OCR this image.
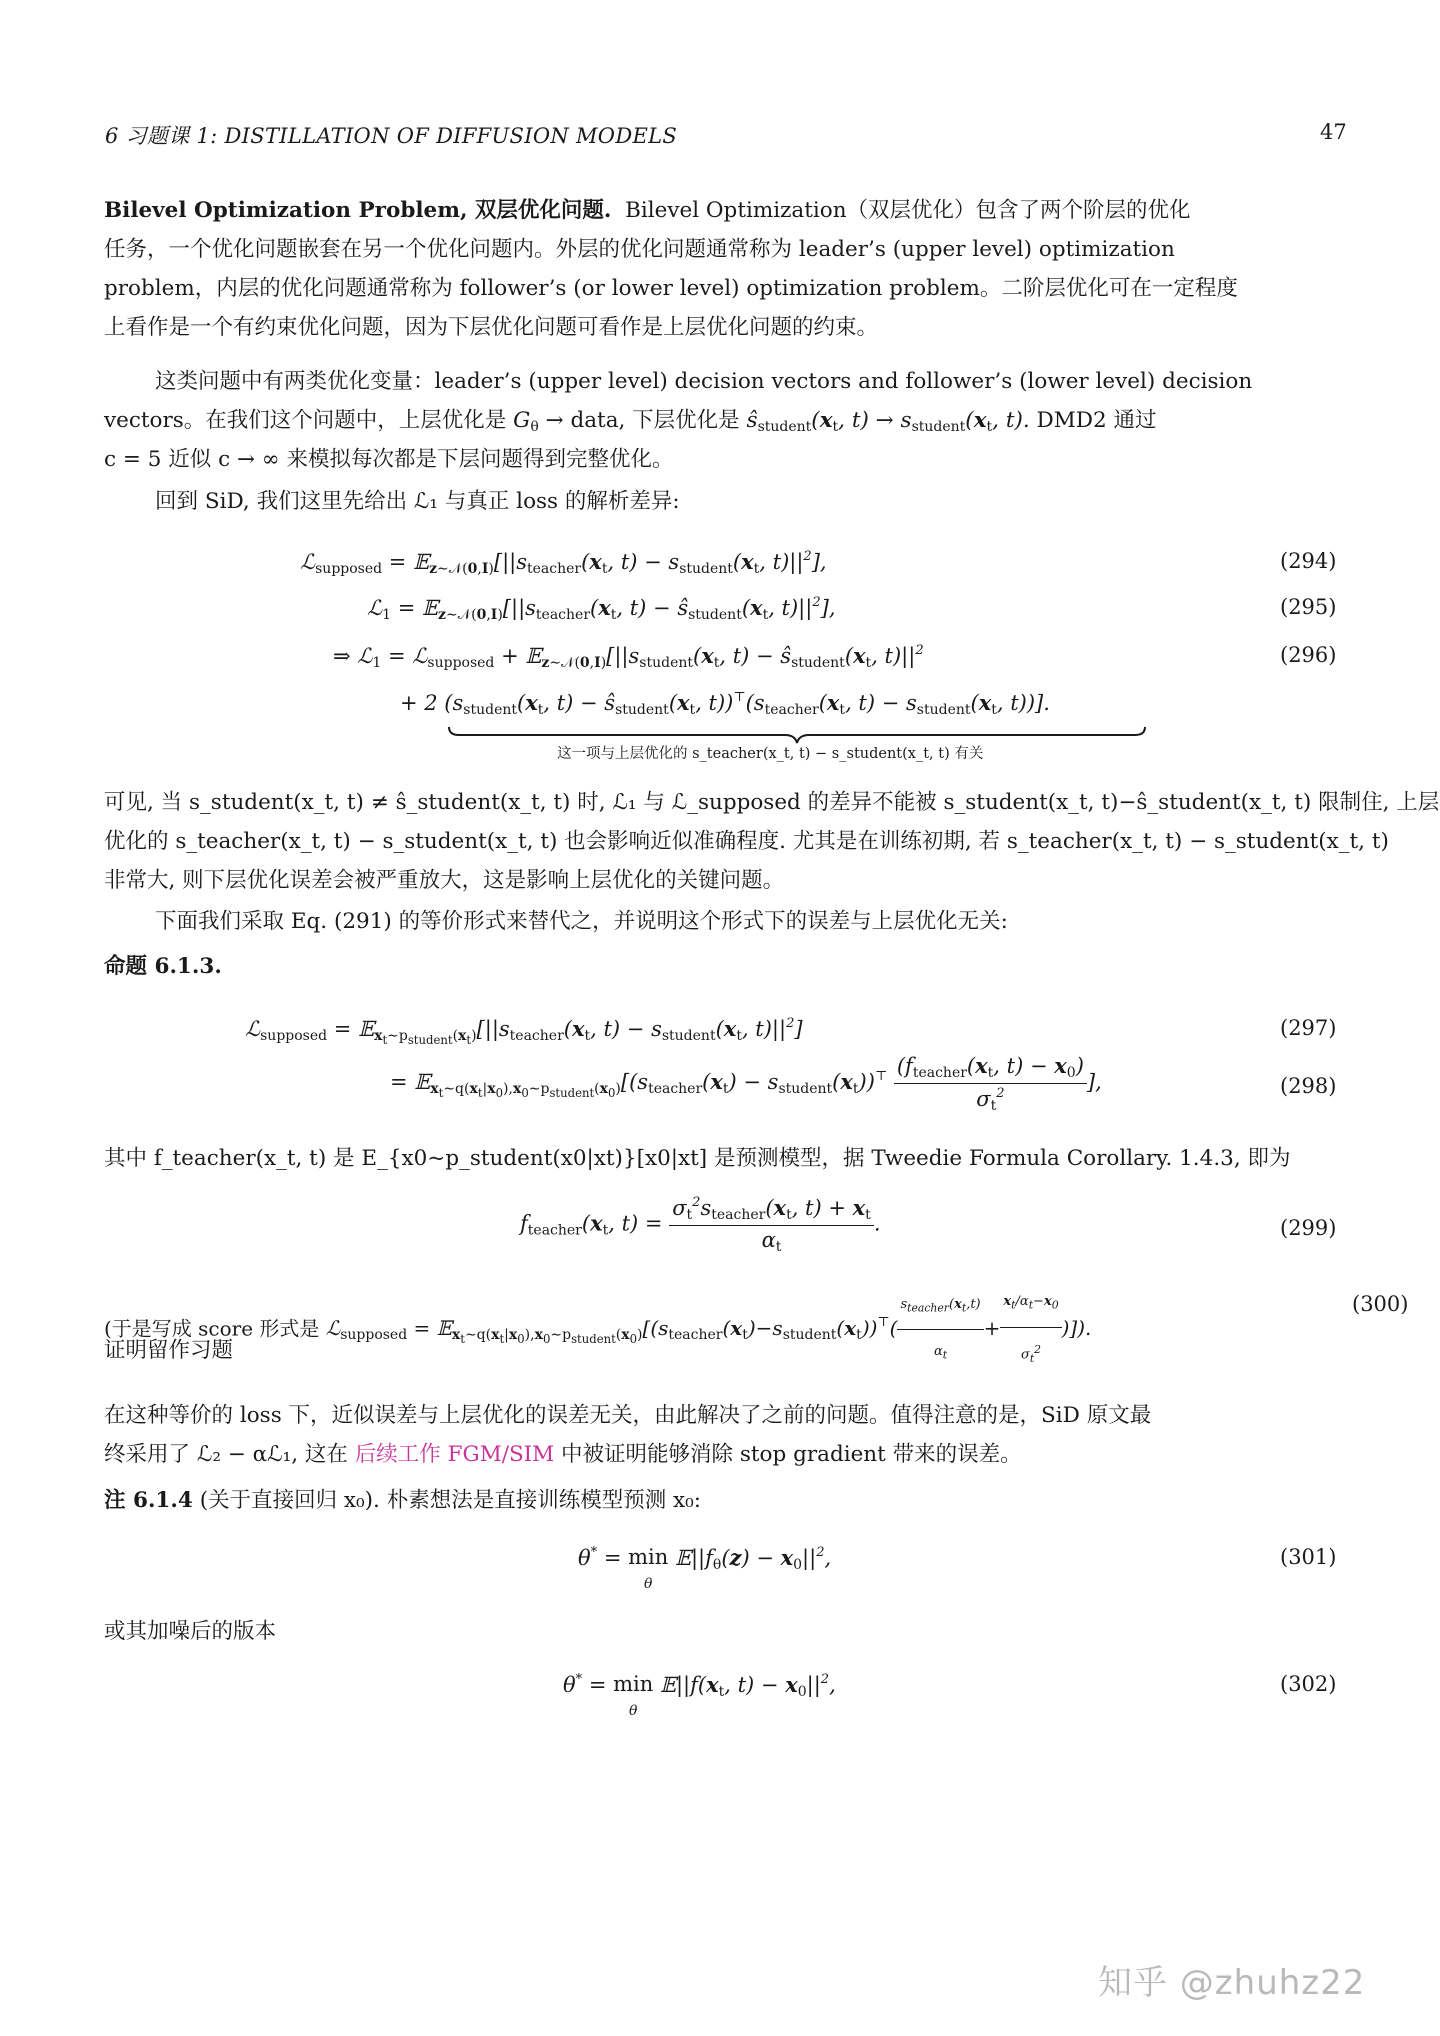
6 习题课 1: DISTILLATION OF DIFFUSION MODELS	47
Bilevel Optimization Problem, 双层优化问题. Bilevel Optimization（双层优化）包含了两个阶层的优化
任务，一个优化问题嵌套在另一个优化问题内。外层的优化问题通常称为 leader’s (upper level) optimization
problem，内层的优化问题通常称为 follower’s (or lower level) optimization problem。二阶层优化可在一定程度
上看作是一个有约束优化问题，因为下层优化问题可看作是上层优化问题的约束。
这类问题中有两类优化变量：leader’s (upper level) decision vectors and follower’s (lower level) decision
vectors。在我们这个问题中，上层优化是 $G_\theta$ → data, 下层优化是 $ŝ_{student}(x_t$, $t) \to s_{student}(x_t$, t). DMD2 通过
c = 5 近似 c → ∞ 来模拟每次都是下层问题得到完整优化。
回到 SiD, 我们这里先给出 ℒ₁ 与真正 loss 的解析差异:
ℒ$_{supposed}$ = $𝔼_{z\sim 𝒩(0,I)}[||s_{teacher}(x_t$, $t) - s_{student}(x_t$, $t)||^2$],	(294)
ℒ$_1$ = $𝔼_{z\sim 𝒩(0,I)}[||s_{teacher}(x_t$, $t) - ŝ_{student}(x_t$, $t)||^2$],	(295)
⇒ ℒ$_1$ = ℒ$_{supposed}$ + $𝔼_{z\sim 𝒩(0,I)}[||s_{student}(x_t$, $t) - ŝ_{student}(x_t$, $t)||^2$	(296)
+ 2 ($s_{student}(x_t$, $t) - ŝ_{student}(x_t$, $t))^⊤(s_{teacher}(x_t$, $t) - s_{student}(x_t$, t))].
这一项与上层优化的 s_teacher(x_t, t) − s_student(x_t, t) 有关
可见, 当 s_student(x_t, t) ≠ ŝ_student(x_t, t) 时, ℒ₁ 与 ℒ_supposed 的差异不能被 s_student(x_t, t)−ŝ_student(x_t, t) 限制住, 上层
优化的 s_teacher(x_t, t) − s_student(x_t, t) 也会影响近似准确程度. 尤其是在训练初期, 若 s_teacher(x_t, t) − s_student(x_t, t)
非常大, 则下层优化误差会被严重放大，这是影响上层优化的关键问题。
下面我们采取 Eq. (291) 的等价形式来替代之，并说明这个形式下的误差与上层优化无关:
命题 6.1.3.
ℒ$_{supposed}$ = $𝔼_{x_t\sim p_{student}(x_t)}[||s_{teacher}(x_t$, $t) - s_{student}(x_t$, $t)||^2$]	(297)
= $𝔼_{x_t\sim q(x_t|x_0),x_0\sim p_{student}(x_0)}[(s_{teacher}(x_t) - s_{student}(x_t))^⊤ \frac{(f_{teacher}(x_t, t) - x_0)}{\sigma_t^2}$ ],	(298)
其中 f_teacher(x_t, t) 是 E_{x0~p_student(x0|xt)}[x0|xt] 是预测模型，据 Tweedie Formula Corollary. 1.4.3, 即为
$f_{teacher}(x_t$, $t) = \frac{\sigma_t^2s_{teacher}(x_t, t) + x_t}{\alpha_t}$ .	(299)
(于是写成 score 形式是 ℒ$_{supposed}$ = $𝔼_{x_t\sim q(x_t|x_0),x_0\sim p_{student}(x_0)}[(s_{teacher}(x_t)-s_{student}(x_t))^⊤( \frac{s_{teacher}(x_t,t)}{\alpha_t} + \frac{x_t/\alpha_t-x_0}{\sigma_t^2}$ )]).
(300)
证明留作习题
在这种等价的 loss 下，近似误差与上层优化的误差无关，由此解决了之前的问题。值得注意的是，SiD 原文最
终采用了 ℒ₂ − αℒ₁, 这在 后续工作 FGM/SIM 中被证明能够消除 stop gradient 带来的误差。
注 6.1.4 (关于直接回归 x₀). 朴素想法是直接训练模型预测 x₀:
θ* = min
θ $𝔼||f_\theta(z) - x_0||^2$,	(301)
或其加噪后的版本
θ* = min
θ $𝔼||f(x_t$, $t) - x_0||^2$,	(302)
知乎 @zhuhz22
